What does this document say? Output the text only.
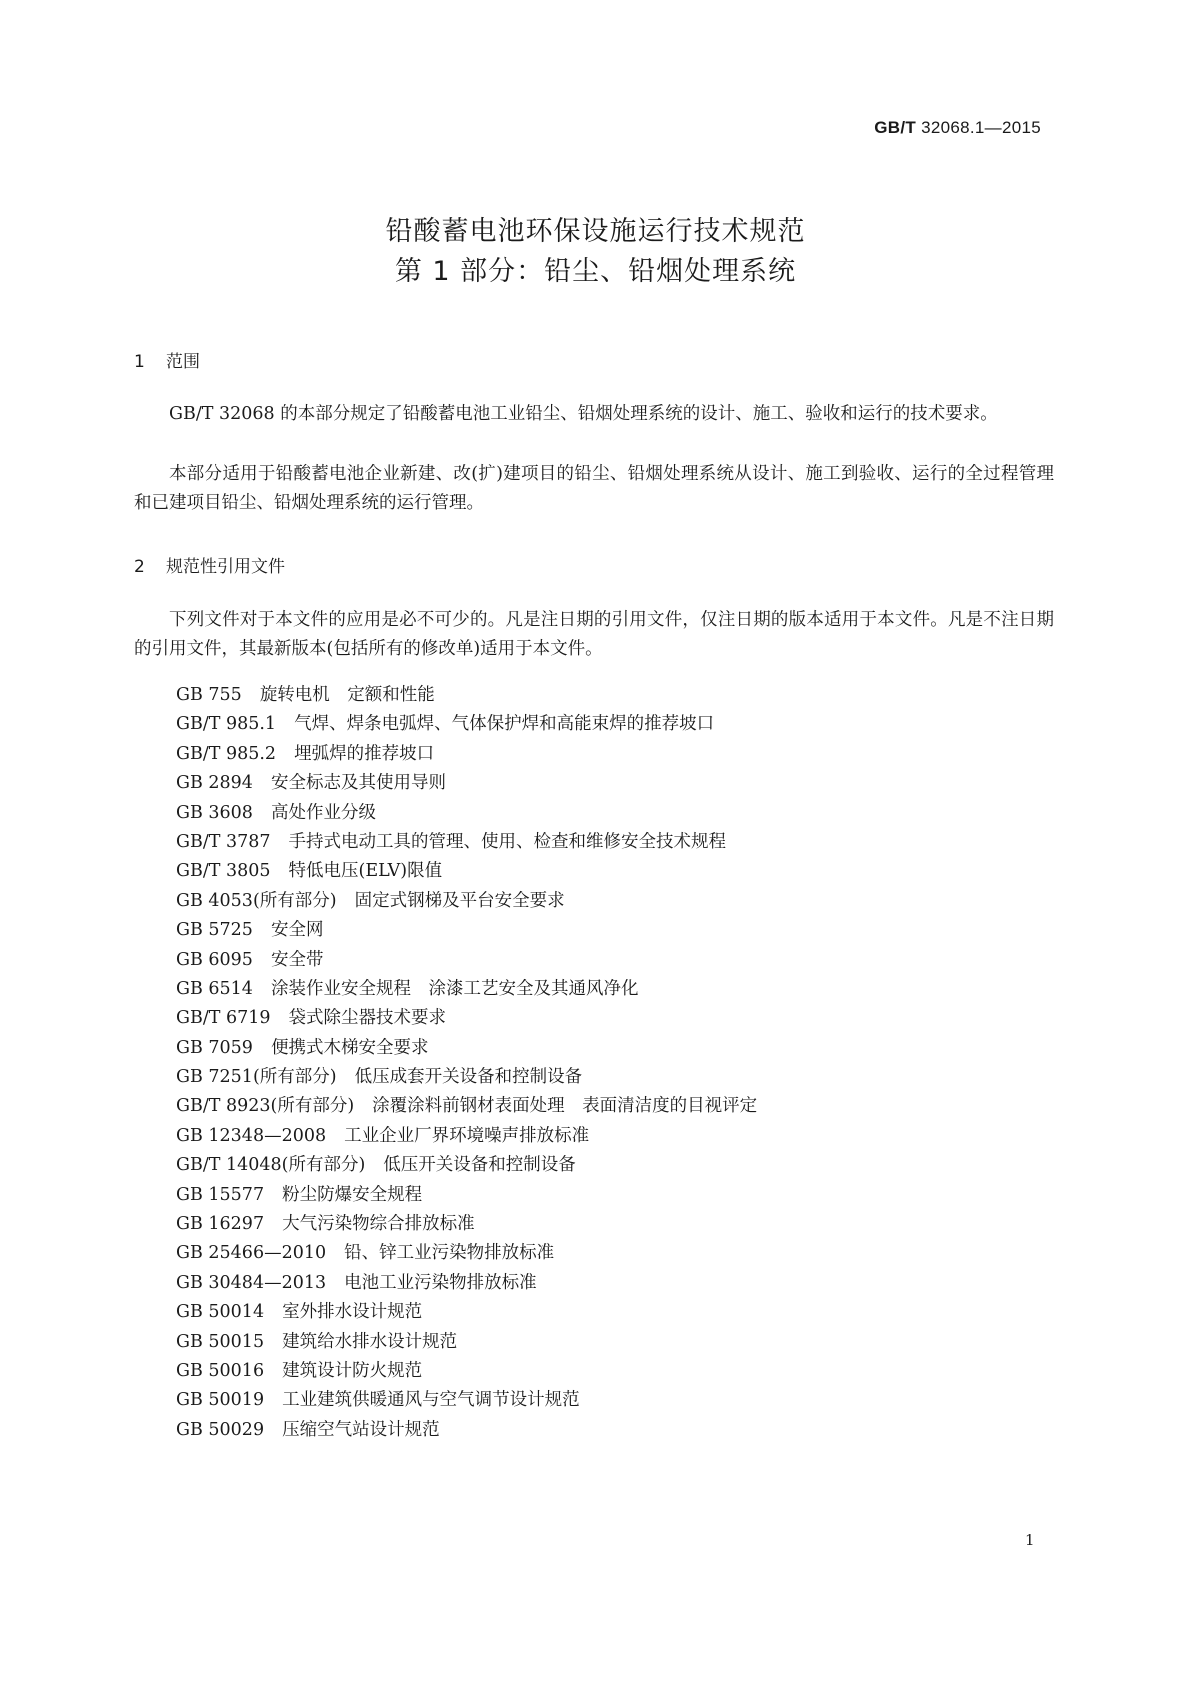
GB/T 32068.1—2015
铅酸蓄电池环保设施运行技术规范
第 1 部分：铅尘、铅烟处理系统
1 范围

GB/T 32068 的本部分规定了铅酸蓄电池工业铅尘、铅烟处理系统的设计、施工、验收和运行的技术要求。

本部分适用于铅酸蓄电池企业新建、改(扩)建项目的铅尘、铅烟处理系统从设计、施工到验收、运行的全过程管理和已建项目铅尘、铅烟处理系统的运行管理。

2 规范性引用文件

下列文件对于本文件的应用是必不可少的。凡是注日期的引用文件，仅注日期的版本适用于本文件。凡是不注日期的引用文件，其最新版本(包括所有的修改单)适用于本文件。

GB 755 旋转电机　定额和性能
GB/T 985.1 气焊、焊条电弧焊、气体保护焊和高能束焊的推荐坡口
GB/T 985.2 埋弧焊的推荐坡口
GB 2894 安全标志及其使用导则
GB 3608 高处作业分级
GB/T 3787 手持式电动工具的管理、使用、检查和维修安全技术规程
GB/T 3805 特低电压(ELV)限值
GB 4053(所有部分) 固定式钢梯及平台安全要求
GB 5725 安全网
GB 6095 安全带
GB 6514 涂装作业安全规程　涂漆工艺安全及其通风净化
GB/T 6719 袋式除尘器技术要求
GB 7059 便携式木梯安全要求
GB 7251(所有部分) 低压成套开关设备和控制设备
GB/T 8923(所有部分) 涂覆涂料前钢材表面处理　表面清洁度的目视评定
GB 12348—2008 工业企业厂界环境噪声排放标准
GB/T 14048(所有部分) 低压开关设备和控制设备
GB 15577 粉尘防爆安全规程
GB 16297 大气污染物综合排放标准
GB 25466—2010 铅、锌工业污染物排放标准
GB 30484—2013 电池工业污染物排放标准
GB 50014 室外排水设计规范
GB 50015 建筑给水排水设计规范
GB 50016 建筑设计防火规范
GB 50019 工业建筑供暖通风与空气调节设计规范
GB 50029 压缩空气站设计规范
1
